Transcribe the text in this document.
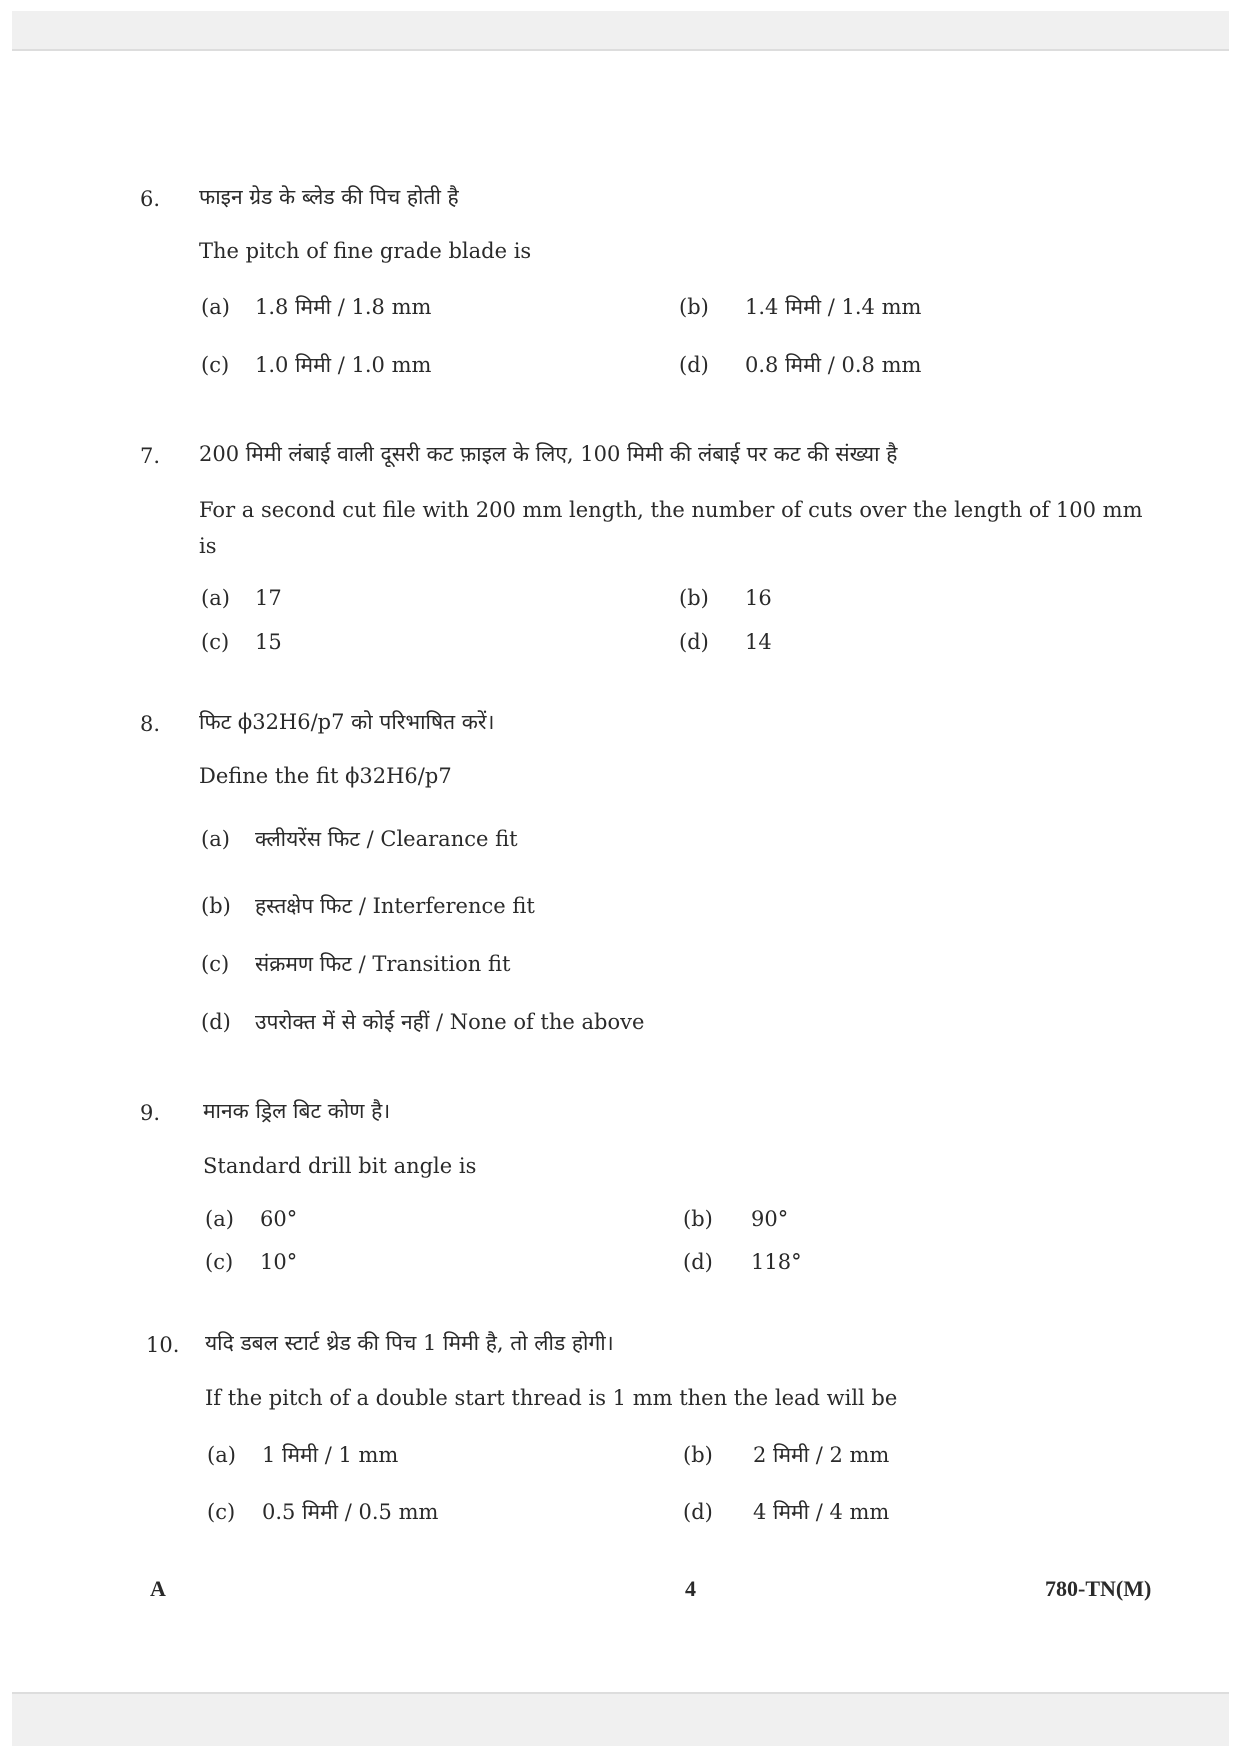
6. फाइन ग्रेड के ब्लेड की पिच होती है
The pitch of fine grade blade is
(a) 1.8 मिमी / 1.8 mm	(b) 1.4 मिमी / 1.4 mm
(c) 1.0 मिमी / 1.0 mm	(d) 0.8 मिमी / 0.8 mm
7. 200 मिमी लंबाई वाली दूसरी कट फ़ाइल के लिए, 100 मिमी की लंबाई पर कट की संख्या है
For a second cut file with 200 mm length, the number of cuts over the length of 100 mm
is
(a) 17	(b) 16
(c) 15	(d) 14
8. फिट ϕ32H6/p7 को परिभाषित करें।
Define the fit ϕ32H6/p7
(a) क्लीयरेंस फिट / Clearance fit
(b) हस्तक्षेप फिट / Interference fit
(c) संक्रमण फिट / Transition fit
(d) उपरोक्त में से कोई नहीं / None of the above
9. मानक ड्रिल बिट कोण है।
Standard drill bit angle is
(a) 60°	(b) 90°
(c) 10°	(d) 118°
10. यदि डबल स्टार्ट थ्रेड की पिच 1 मिमी है, तो लीड होगी।
If the pitch of a double start thread is 1 mm then the lead will be
(a) 1 मिमी / 1 mm	(b) 2 मिमी / 2 mm
(c) 0.5 मिमी / 0.5 mm	(d) 4 मिमी / 4 mm
A	4	780-TN(M)
